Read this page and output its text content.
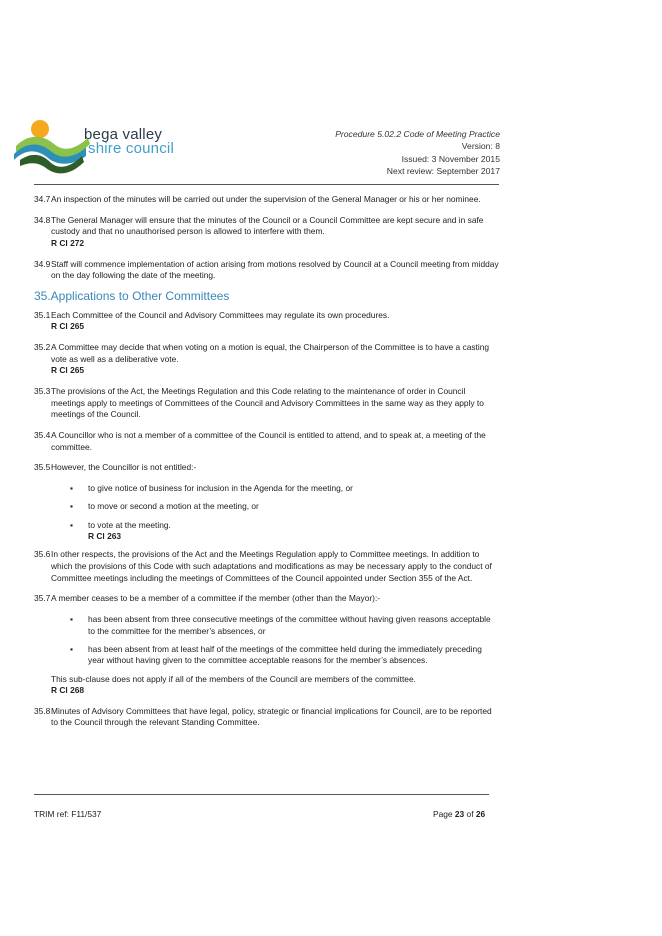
bega valley
shire council
Procedure 5.02.2 Code of Meeting Practice
Version: 8
Issued: 3 November 2015
Next review: September 2017
34.7 An inspection of the minutes will be carried out under the supervision of the General Manager or his or her nominee.
34.8 The General Manager will ensure that the minutes of the Council or a Council Committee are kept secure and in safe custody and that no unauthorised person is allowed to interfere with them.
R Cl 272
34.9 Staff will commence implementation of action arising from motions resolved by Council at a Council meeting from midday on the day following the date of the meeting.
35.Applications to Other Committees
35.1 Each Committee of the Council and Advisory Committees may regulate its own procedures.
R Cl 265
35.2 A Committee may decide that when voting on a motion is equal, the Chairperson of the Committee is to have a casting vote as well as a deliberative vote.
R Cl 265
35.3 The provisions of the Act, the Meetings Regulation and this Code relating to the maintenance of order in Council meetings apply to meetings of Committees of the Council and Advisory Committees in the same way as they apply to meetings of the Council.
35.4 A Councillor who is not a member of a committee of the Council is entitled to attend, and to speak at, a meeting of the committee.
35.5 However, the Councillor is not entitled:-
▪	to give notice of business for inclusion in the Agenda for the meeting, or
▪	to move or second a motion at the meeting, or
▪	to vote at the meeting.
R Cl 263
35.6 In other respects, the provisions of the Act and the Meetings Regulation apply to Committee meetings. In addition to which the provisions of this Code with such adaptations and modifications as may be necessary apply to the conduct of Committee meetings including the meetings of Committees of the Council appointed under Section 355 of the Act.
35.7 A member ceases to be a member of a committee if the member (other than the Mayor):-
▪	has been absent from three consecutive meetings of the committee without having given reasons acceptable to the committee for the member’s absences, or
▪	has been absent from at least half of the meetings of the committee held during the immediately preceding year without having given to the committee acceptable reasons for the member’s absences.
This sub-clause does not apply if all of the members of the Council are members of the committee.
R Cl 268
35.8 Minutes of Advisory Committees that have legal, policy, strategic or financial implications for Council, are to be reported to the Council through the relevant Standing Committee.
TRIM ref: F11/537	Page 23 of 26
